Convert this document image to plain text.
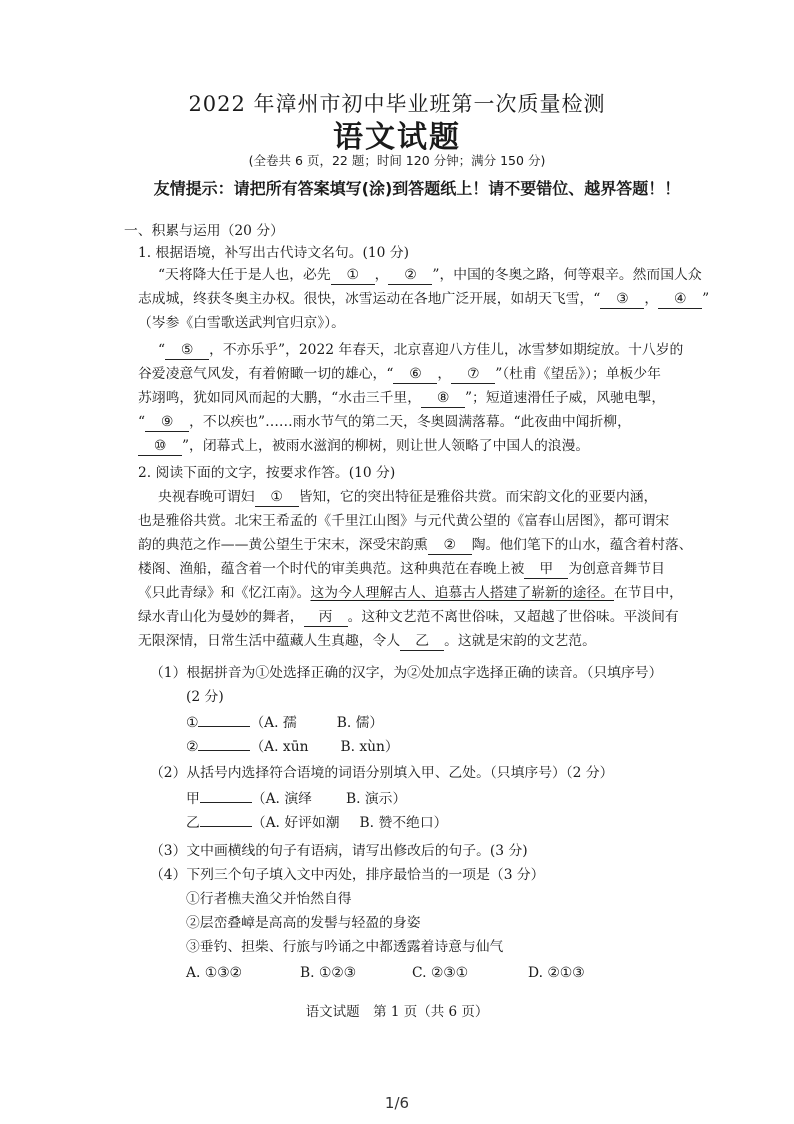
2022 年漳州市初中毕业班第一次质量检测
语文试题
(全卷共 6 页，22 题；时间 120 分钟；满分 150 分)
友情提示：请把所有答案填写(涂)到答题纸上！请不要错位、越界答题！！
一、积累与运用（20 分）
1. 根据语境，补写出古代诗文名句。(10 分)
“天将降大任于是人也，必先 ① ， ② ”，中国的冬奥之路，何等艰辛。然而国人众
志成城，终获冬奥主办权。很快，冰雪运动在各地广泛开展，如胡天飞雪，“ ③ ， ④ ”
（岑参《白雪歌送武判官归京》）。
“ ⑤ ，不亦乐乎”，2022 年春天，北京喜迎八方佳儿，冰雪梦如期绽放。十八岁的
谷爱凌意气风发，有着俯瞰一切的雄心，“ ⑥ ， ⑦ ”（杜甫《望岳》）；单板少年
苏翊鸣，犹如同风而起的大鹏，“水击三千里， ⑧ ”；短道速滑任子威，风驰电掣，
“ ⑨ ，不以疾也”……雨水节气的第二天，冬奥圆满落幕。“此夜曲中闻折柳，
⑩ ”，闭幕式上，被雨水滋润的柳树，则让世人领略了中国人的浪漫。
2. 阅读下面的文字，按要求作答。(10 分)
央视春晚可谓妇 ① 皆知，它的突出特征是雅俗共赏。而宋韵文化的亚要内涵，
也是雅俗共赏。北宋王希孟的《千里江山图》与元代黄公望的《富春山居图》，都可谓宋
韵的典范之作——黄公望生于宋末，深受宋韵熏 ② 陶。他们笔下的山水，蕴含着村落、
楼阁、渔船，蕴含着一个时代的审美典范。这种典范在春晚上被 甲 为创意音舞节目
《只此青绿》和《忆江南》。这为今人理解古人、追慕古人搭建了崭新的途径。在节目中，
绿水青山化为曼妙的舞者， 丙 。这种文艺范不离世俗味，又超越了世俗味。平淡间有
无限深情，日常生活中蕴藏人生真趣，令人 乙 。这就是宋韵的文艺范。
（1）根据拼音为①处选择正确的汉字，为②处加点字选择正确的读音。（只填序号）
(2 分)
①	（A. 孺	B. 儒）
②	（A. xūn B. xùn）
（2）从括号内选择符合语境的词语分别填入甲、乙处。（只填序号）（2 分）
甲	（A. 演绎 B. 演示）
乙	（A. 好评如潮 B. 赞不绝口）
（3）文中画横线的句子有语病，请写出修改后的句子。(3 分)
（4）下列三个句子填入文中丙处，排序最恰当的一项是（3 分）
①行者樵夫渔父并怡然自得
②层峦叠嶂是高高的发髻与轻盈的身姿
③垂钓、担柴、行旅与吟诵之中都透露着诗意与仙气
A. ①③②	B. ①②③	C. ②③①	D. ②①③
语文试题　第 1 页（共 6 页）
1/6
